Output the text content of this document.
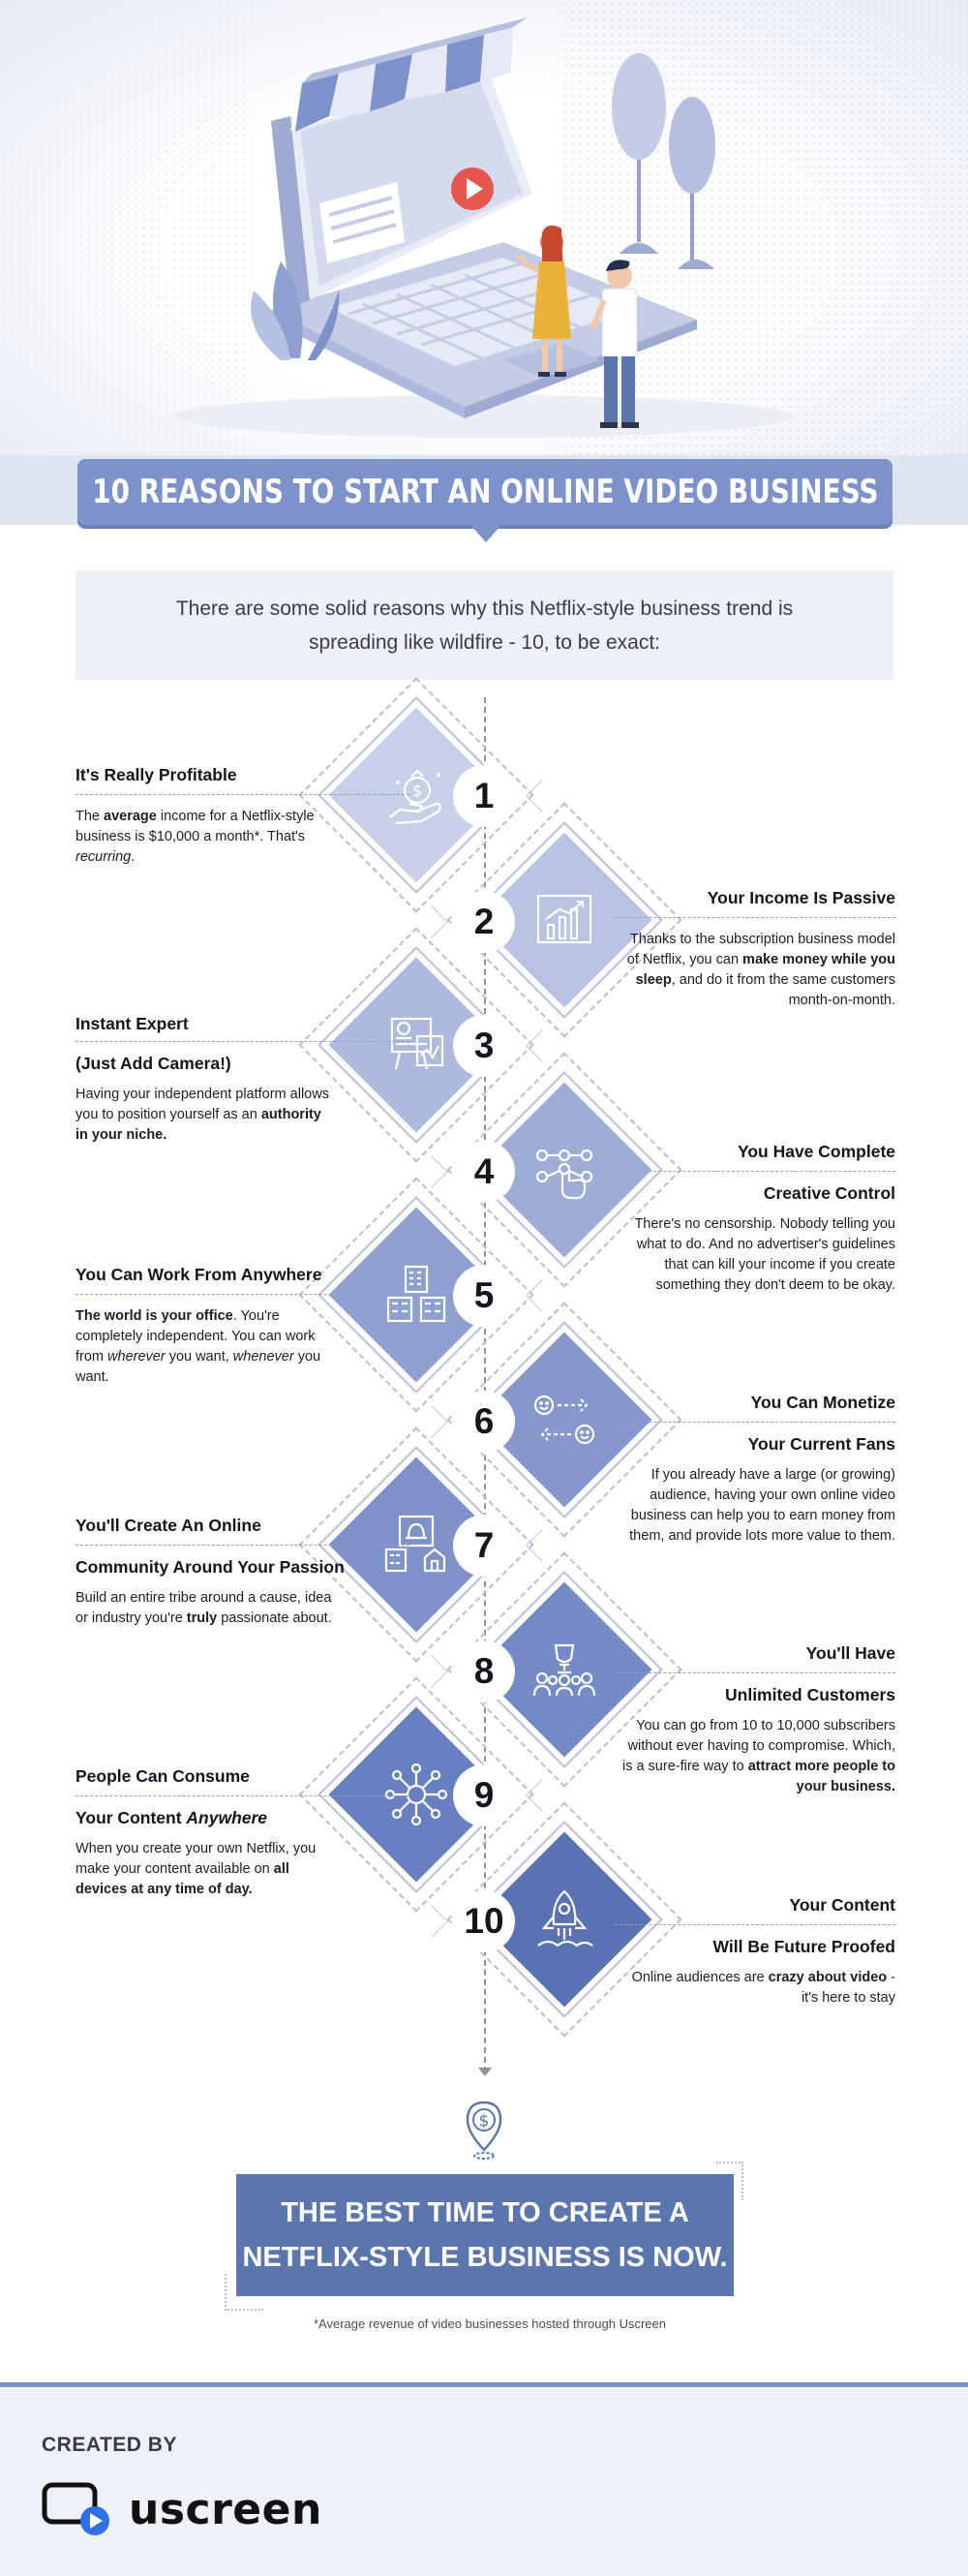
10 REASONS TO START AN ONLINE VIDEO BUSINESS

There are some solid reasons why this Netflix-style business trend is spreading like wildfire - 10, to be exact:

$	1
It's Really Profitable
The average income for a Netflix-style business is $10,000 a month*. That's recurring.
2
Your Income Is Passive
Thanks to the subscription business model of Netflix, you can make money while you sleep, and do it from the same customers month-on-month.
3
Instant Expert
(Just Add Camera!)
Having your independent platform allows you to position yourself as an authority in your niche.
4	You Have Complete
Creative Control
There's no censorship. Nobody telling you what to do. And no advertiser's guidelines that can kill your income if you create something they don't deem to be okay.
5
You Can Work From Anywhere
The world is your office. You're completely independent. You can work from wherever you want, whenever you want.
6	You Can Monetize
Your Current Fans
If you already have a large (or growing) audience, having your own online video business can help you to earn money from them, and provide lots more value to them.
7
You'll Create An Online
Community Around Your Passion
Build an entire tribe around a cause, idea or industry you're truly passionate about.
8	You'll Have
Unlimited Customers
You can go from 10 to 10,000 subscribers without ever having to compromise. Which, is a sure-fire way to attract more people to your business.
9
People Can Consume
Your Content Anywhere
When you create your own Netflix, you make your content available on all devices at any time of day.
10	Your Content
Will Be Future Proofed
Online audiences are crazy about video - it's here to stay
$

THE BEST TIME TO CREATE A
NETFLIX-STYLE BUSINESS IS NOW.

*Average revenue of video businesses hosted through Uscreen
CREATED BY
uscreen
